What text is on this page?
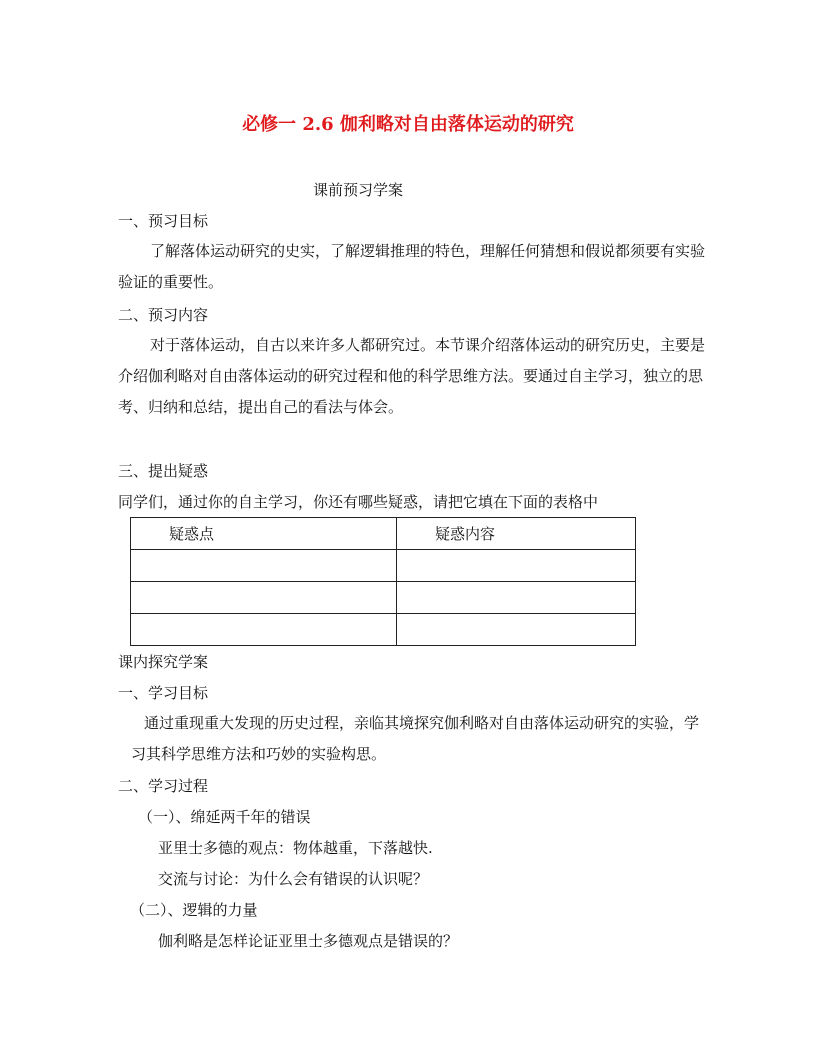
必修一 2.6 伽利略对自由落体运动的研究
课前预习学案
一、预习目标
了解落体运动研究的史实，了解逻辑推理的特色，理解任何猜想和假说都须要有实验验证的重要性。
二、预习内容
对于落体运动，自古以来许多人都研究过。本节课介绍落体运动的研究历史，主要是介绍伽利略对自由落体运动的研究过程和他的科学思维方法。要通过自主学习，独立的思考、归纳和总结，提出自己的看法与体会。
三、提出疑惑
同学们，通过你的自主学习，你还有哪些疑惑，请把它填在下面的表格中
疑惑点	疑惑内容

课内探究学案
一、学习目标
通过重现重大发现的历史过程，亲临其境探究伽利略对自由落体运动研究的实验，学习其科学思维方法和巧妙的实验构思。
二、学习过程
（一）、绵延两千年的错误
亚里士多德的观点：物体越重，下落越快.
交流与讨论：为什么会有错误的认识呢？
（二）、逻辑的力量
伽利略是怎样论证亚里士多德观点是错误的？
